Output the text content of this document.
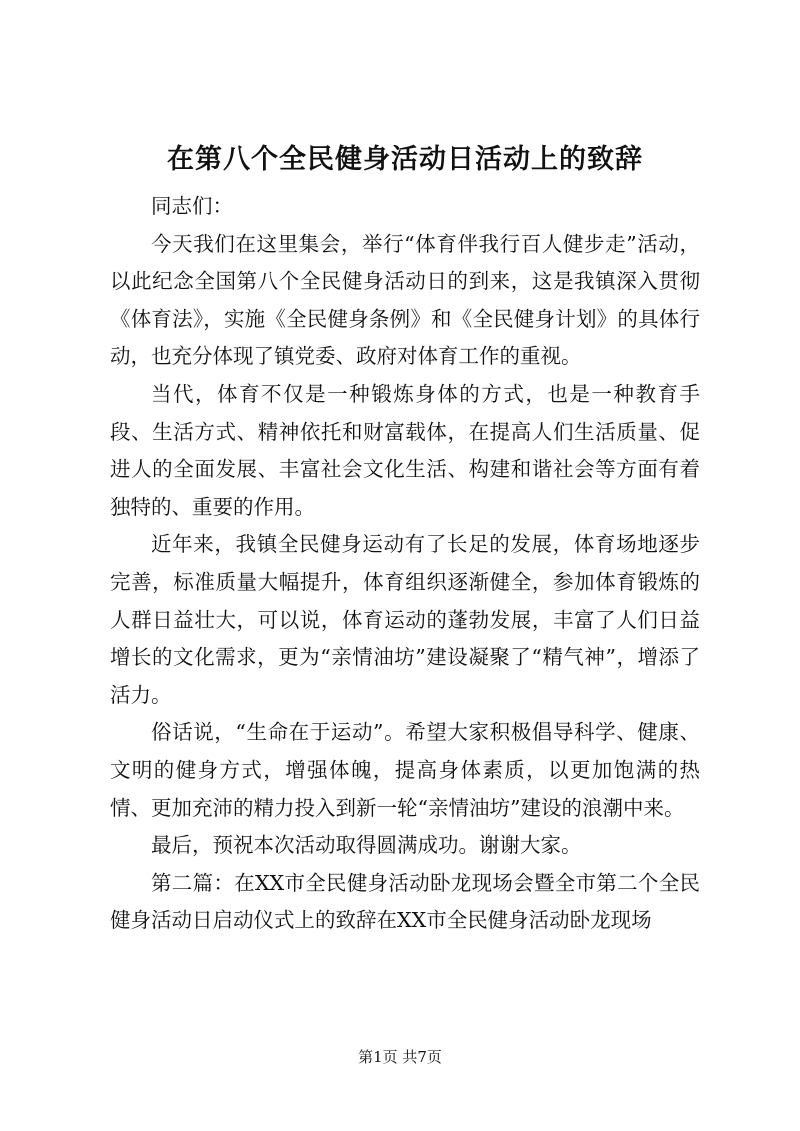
在第八个全民健身活动日活动上的致辞

同志们：

今天我们在这里集会，举行“体育伴我行百人健步走”活动，以此纪念全国第八个全民健身活动日的到来，这是我镇深入贯彻《体育法》，实施《全民健身条例》和《全民健身计划》的具体行动，也充分体现了镇党委、政府对体育工作的重视。

当代，体育不仅是一种锻炼身体的方式，也是一种教育手段、生活方式、精神依托和财富载体，在提高人们生活质量、促进人的全面发展、丰富社会文化生活、构建和谐社会等方面有着独特的、重要的作用。

近年来，我镇全民健身运动有了长足的发展，体育场地逐步完善，标准质量大幅提升，体育组织逐渐健全，参加体育锻炼的人群日益壮大，可以说，体育运动的蓬勃发展，丰富了人们日益增长的文化需求，更为“亲情油坊”建设凝聚了“精气神”，增添了活力。

俗话说，“生命在于运动”。希望大家积极倡导科学、健康、文明的健身方式，增强体魄，提高身体素质，以更加饱满的热情、更加充沛的精力投入到新一轮“亲情油坊”建设的浪潮中来。

最后，预祝本次活动取得圆满成功。谢谢大家。

第二篇：在XX市全民健身活动卧龙现场会暨全市第二个全民健身活动日启动仪式上的致辞在XX市全民健身活动卧龙现场

第1页 共7页
